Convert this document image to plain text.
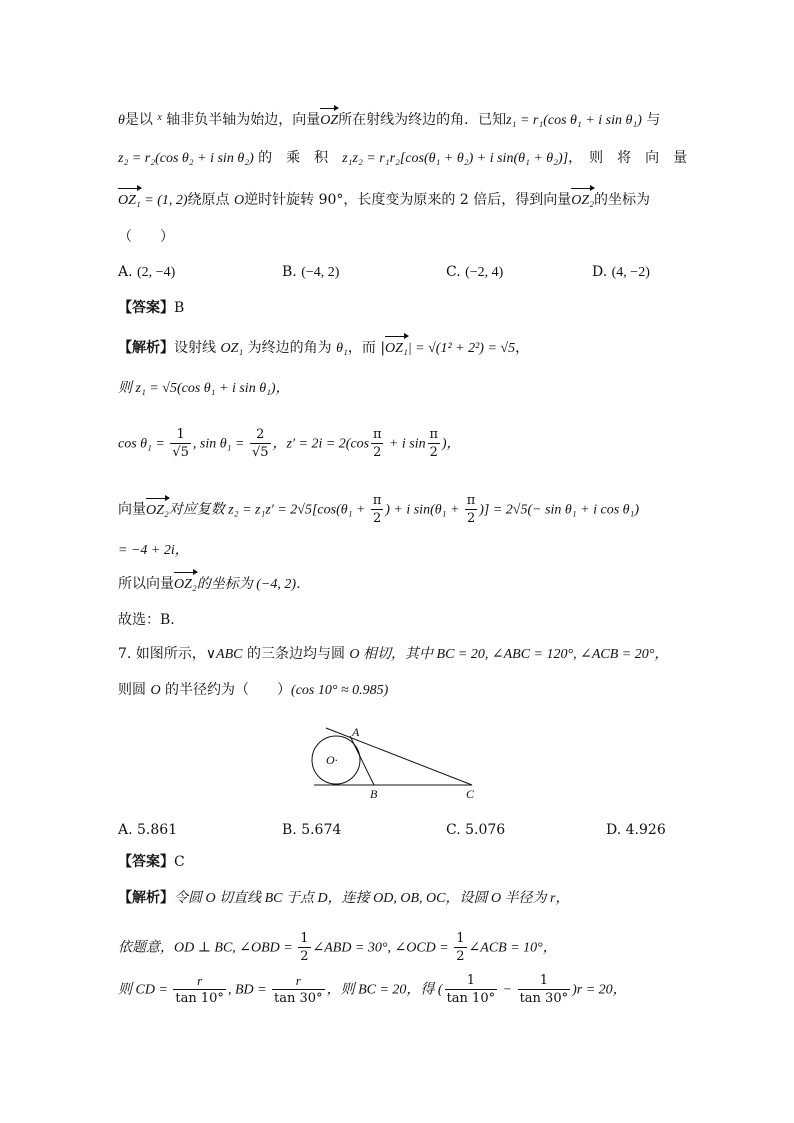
θ是以 $^x$ 轴非负半轴为始边，向量OZ所在射线为终边的角．已知z₁ = r₁(cos θ₁ + i sin θ₁) 与
z₂ = r₂(cos θ₂ + i sin θ₂) 的　乘　积　z₁z₂ = r₁r₂[cos(θ₁ + θ₂) + i sin(θ₁ + θ₂)]，　则　将　向　量
OZ₁ = (1, 2)绕原点 O逆时针旋转 90°，长度变为原来的 2 倍后，得到向量OZ₂的坐标为
（　　）
A. (2, −4)	B. (−4, 2)	C. (−2, 4)	D. (4, −2)
【答案】B
【解析】设射线 OZ₁ 为终边的角为 θ₁，而 |OZ₁| = √(1² + 2²) = √5，
则 z₁ = √5(cos θ₁ + i sin θ₁)，
$\cos \theta_1 = \frac{1}{√5}$ , $\sin \theta_1 = \frac{2}{√5}$ ，$z' = 2i = 2(\cos \frac{\pi}{2} + i$ $\sin \frac{\pi}{2}$ )，
向量OZ₂对应复数 $z_2 = z_1z' = 2√5[\cos(\theta_1 + \frac{\pi}{2}$ ) + i $\sin(\theta_1 + \frac{\pi}{2}$ )] = 2√5(− sin θ₁ + i cos θ₁)
= −4 + 2i，
所以向量OZ₂的坐标为 (−4, 2)．
故选：B.
7. 如图所示，∨ABC 的三条边均与圆 O 相切，其中 BC = 20, ∠ABC = 120°, ∠ACB = 20°，
则圆 O 的半径约为（　　）(cos 10° ≈ 0.985)
A
O·
B	C
A. 5.861	B. 5.674	C. 5.076	D. 4.926
【答案】C
【解析】令圆 O 切直线 BC 于点 D，连接 OD, OB, OC，设圆 O 半径为 r，
依题意，OD ⊥ BC, ∠OBD = $\frac{1}{2}$ ∠ABD = 30°, ∠OCD = $\frac{1}{2}$ ∠ACB = 10°，
则 CD = $\frac{r}{\tan 10^\circ}$ , BD = $\frac{r}{\tan 30^\circ}$ ，则 BC = 20，得 ( $\frac{1}{\tan 10^\circ} - \frac{1}{\tan 30^\circ} )r = 20$，
